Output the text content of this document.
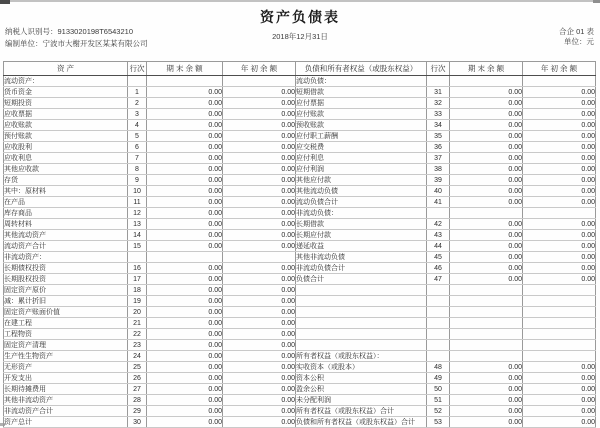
资产负债表
纳税人识别号：9133020198T6543210
编制单位：宁波市大榭开发区某某有限公司
2018年12月31日
合企 01 表
单位：元
资 产	行次	期 末 余 额	年 初 余 额	负债和所有者权益（或股东权益）	行次	期 末 余 额	年 初 余 额
流动资产：				流动负债：			
货币资金	1	0.00	0.00	短期借款	31	0.00	0.00
短期投资	2	0.00	0.00	应付票据	32	0.00	0.00
应收票据	3	0.00	0.00	应付账款	33	0.00	0.00
应收账款	4	0.00	0.00	预收账款	34	0.00	0.00
预付账款	5	0.00	0.00	应付职工薪酬	35	0.00	0.00
应收股利	6	0.00	0.00	应交税费	36	0.00	0.00
应收利息	7	0.00	0.00	应付利息	37	0.00	0.00
其他应收款	8	0.00	0.00	应付利润	38	0.00	0.00
存货	9	0.00	0.00	其他应付款	39	0.00	0.00
其中：原材料	10	0.00	0.00	其他流动负债	40	0.00	0.00
在产品	11	0.00	0.00	流动负债合计	41	0.00	0.00
库存商品	12	0.00	0.00	非流动负债：			
周转材料	13	0.00	0.00	长期借款	42	0.00	0.00
其他流动资产	14	0.00	0.00	长期应付款	43	0.00	0.00
流动资产合计	15	0.00	0.00	递延收益	44	0.00	0.00
非流动资产：				其他非流动负债	45	0.00	0.00
长期债权投资	16	0.00	0.00	非流动负债合计	46	0.00	0.00
长期股权投资	17	0.00	0.00	负债合计	47	0.00	0.00
固定资产原价	18	0.00	0.00				
减：累计折旧	19	0.00	0.00				
固定资产账面价值	20	0.00	0.00				
在建工程	21	0.00	0.00				
工程物资	22	0.00	0.00				
固定资产清理	23	0.00	0.00				
生产性生物资产	24	0.00	0.00	所有者权益（或股东权益）：			
无形资产	25	0.00	0.00	实收资本（或股本）	48	0.00	0.00
开发支出	26	0.00	0.00	资本公积	49	0.00	0.00
长期待摊费用	27	0.00	0.00	盈余公积	50	0.00	0.00
其他非流动资产	28	0.00	0.00	未分配利润	51	0.00	0.00
非流动资产合计	29	0.00	0.00	所有者权益（或股东权益）合计	52	0.00	0.00
资产总计	30	0.00	0.00	负债和所有者权益（或股东权益）合计	53	0.00	0.00
